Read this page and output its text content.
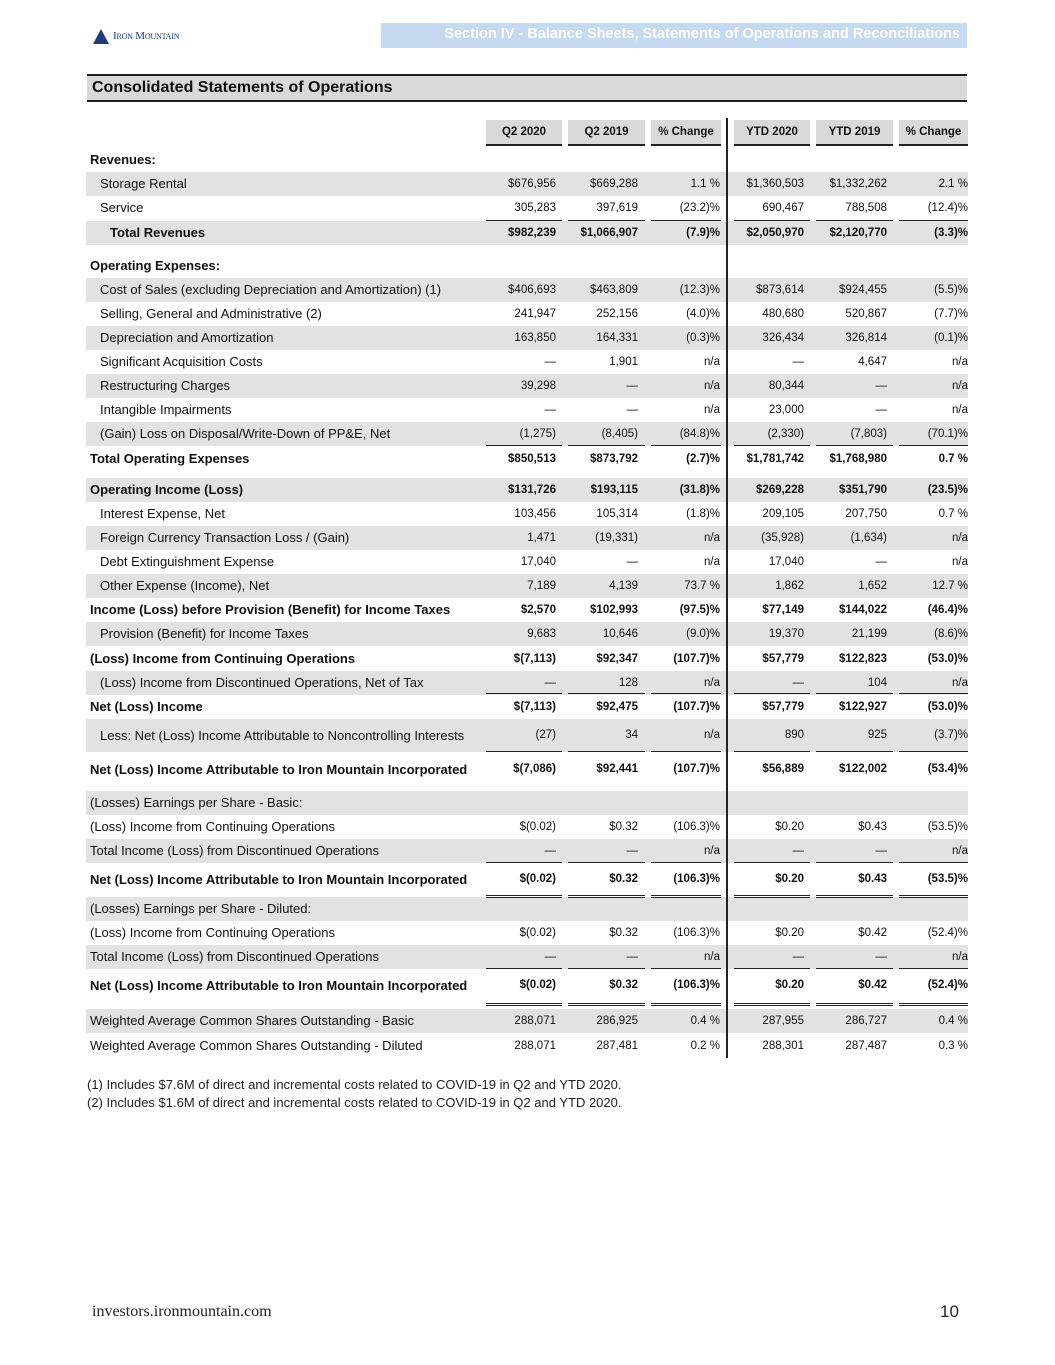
Iron Mountain	Section IV - Balance Sheets, Statements of Operations and Reconciliations
Consolidated Statements of Operations
Q2 2020	Q2 2019	% Change	YTD 2020	YTD 2019	% Change
Revenues:
Storage Rental	$676,956	$669,288	1.1 %	$1,360,503	$1,332,262	2.1 %
Service	305,283	397,619	(23.2)%	690,467	788,508	(12.4)%
Total Revenues	$982,239	$1,066,907	(7.9)%	$2,050,970	$2,120,770	(3.3)%
Operating Expenses:
Cost of Sales (excluding Depreciation and Amortization) (1)	$406,693	$463,809	(12.3)%	$873,614	$924,455	(5.5)%
Selling, General and Administrative (2)	241,947	252,156	(4.0)%	480,680	520,867	(7.7)%
Depreciation and Amortization	163,850	164,331	(0.3)%	326,434	326,814	(0.1)%
Significant Acquisition Costs	—	1,901	n/a	—	4,647	n/a
Restructuring Charges	39,298	—	n/a	80,344	—	n/a
Intangible Impairments	—	—	n/a	23,000	—	n/a
(Gain) Loss on Disposal/Write-Down of PP&E, Net	(1,275)	(8,405)	(84.8)%	(2,330)	(7,803)	(70.1)%
Total Operating Expenses	$850,513	$873,792	(2.7)%	$1,781,742	$1,768,980	0.7 %
Operating Income (Loss)	$131,726	$193,115	(31.8)%	$269,228	$351,790	(23.5)%
Interest Expense, Net	103,456	105,314	(1.8)%	209,105	207,750	0.7 %
Foreign Currency Transaction Loss / (Gain)	1,471	(19,331)	n/a	(35,928)	(1,634)	n/a
Debt Extinguishment Expense	17,040	—	n/a	17,040	—	n/a
Other Expense (Income), Net	7,189	4,139	73.7 %	1,862	1,652	12.7 %
Income (Loss) before Provision (Benefit) for Income Taxes	$2,570	$102,993	(97.5)%	$77,149	$144,022	(46.4)%
Provision (Benefit) for Income Taxes	9,683	10,646	(9.0)%	19,370	21,199	(8.6)%
(Loss) Income from Continuing Operations	$(7,113)	$92,347	(107.7)%	$57,779	$122,823	(53.0)%
(Loss) Income from Discontinued Operations, Net of Tax	—	128	n/a	—	104	n/a
Net (Loss) Income	$(7,113)	$92,475	(107.7)%	$57,779	$122,927	(53.0)%
Less: Net (Loss) Income Attributable to Noncontrolling Interests	(27)	34	n/a	890	925	(3.7)%
Net (Loss) Income Attributable to Iron Mountain Incorporated	$(7,086)	$92,441	(107.7)%	$56,889	$122,002	(53.4)%
(Losses) Earnings per Share - Basic:
(Loss) Income from Continuing Operations	$(0.02)	$0.32	(106.3)%	$0.20	$0.43	(53.5)%
Total Income (Loss) from Discontinued Operations	—	—	n/a	—	—	n/a
Net (Loss) Income Attributable to Iron Mountain Incorporated	$(0.02)	$0.32	(106.3)%	$0.20	$0.43	(53.5)%
(Losses) Earnings per Share - Diluted:
(Loss) Income from Continuing Operations	$(0.02)	$0.32	(106.3)%	$0.20	$0.42	(52.4)%
Total Income (Loss) from Discontinued Operations	—	—	n/a	—	—	n/a
Net (Loss) Income Attributable to Iron Mountain Incorporated	$(0.02)	$0.32	(106.3)%	$0.20	$0.42	(52.4)%
Weighted Average Common Shares Outstanding - Basic	288,071	286,925	0.4 %	287,955	286,727	0.4 %
Weighted Average Common Shares Outstanding - Diluted	288,071	287,481	0.2 %	288,301	287,487	0.3 %
(1) Includes $7.6M of direct and incremental costs related to COVID-19 in Q2 and YTD 2020.
(2) Includes $1.6M of direct and incremental costs related to COVID-19 in Q2 and YTD 2020.
investors.ironmountain.com	10
